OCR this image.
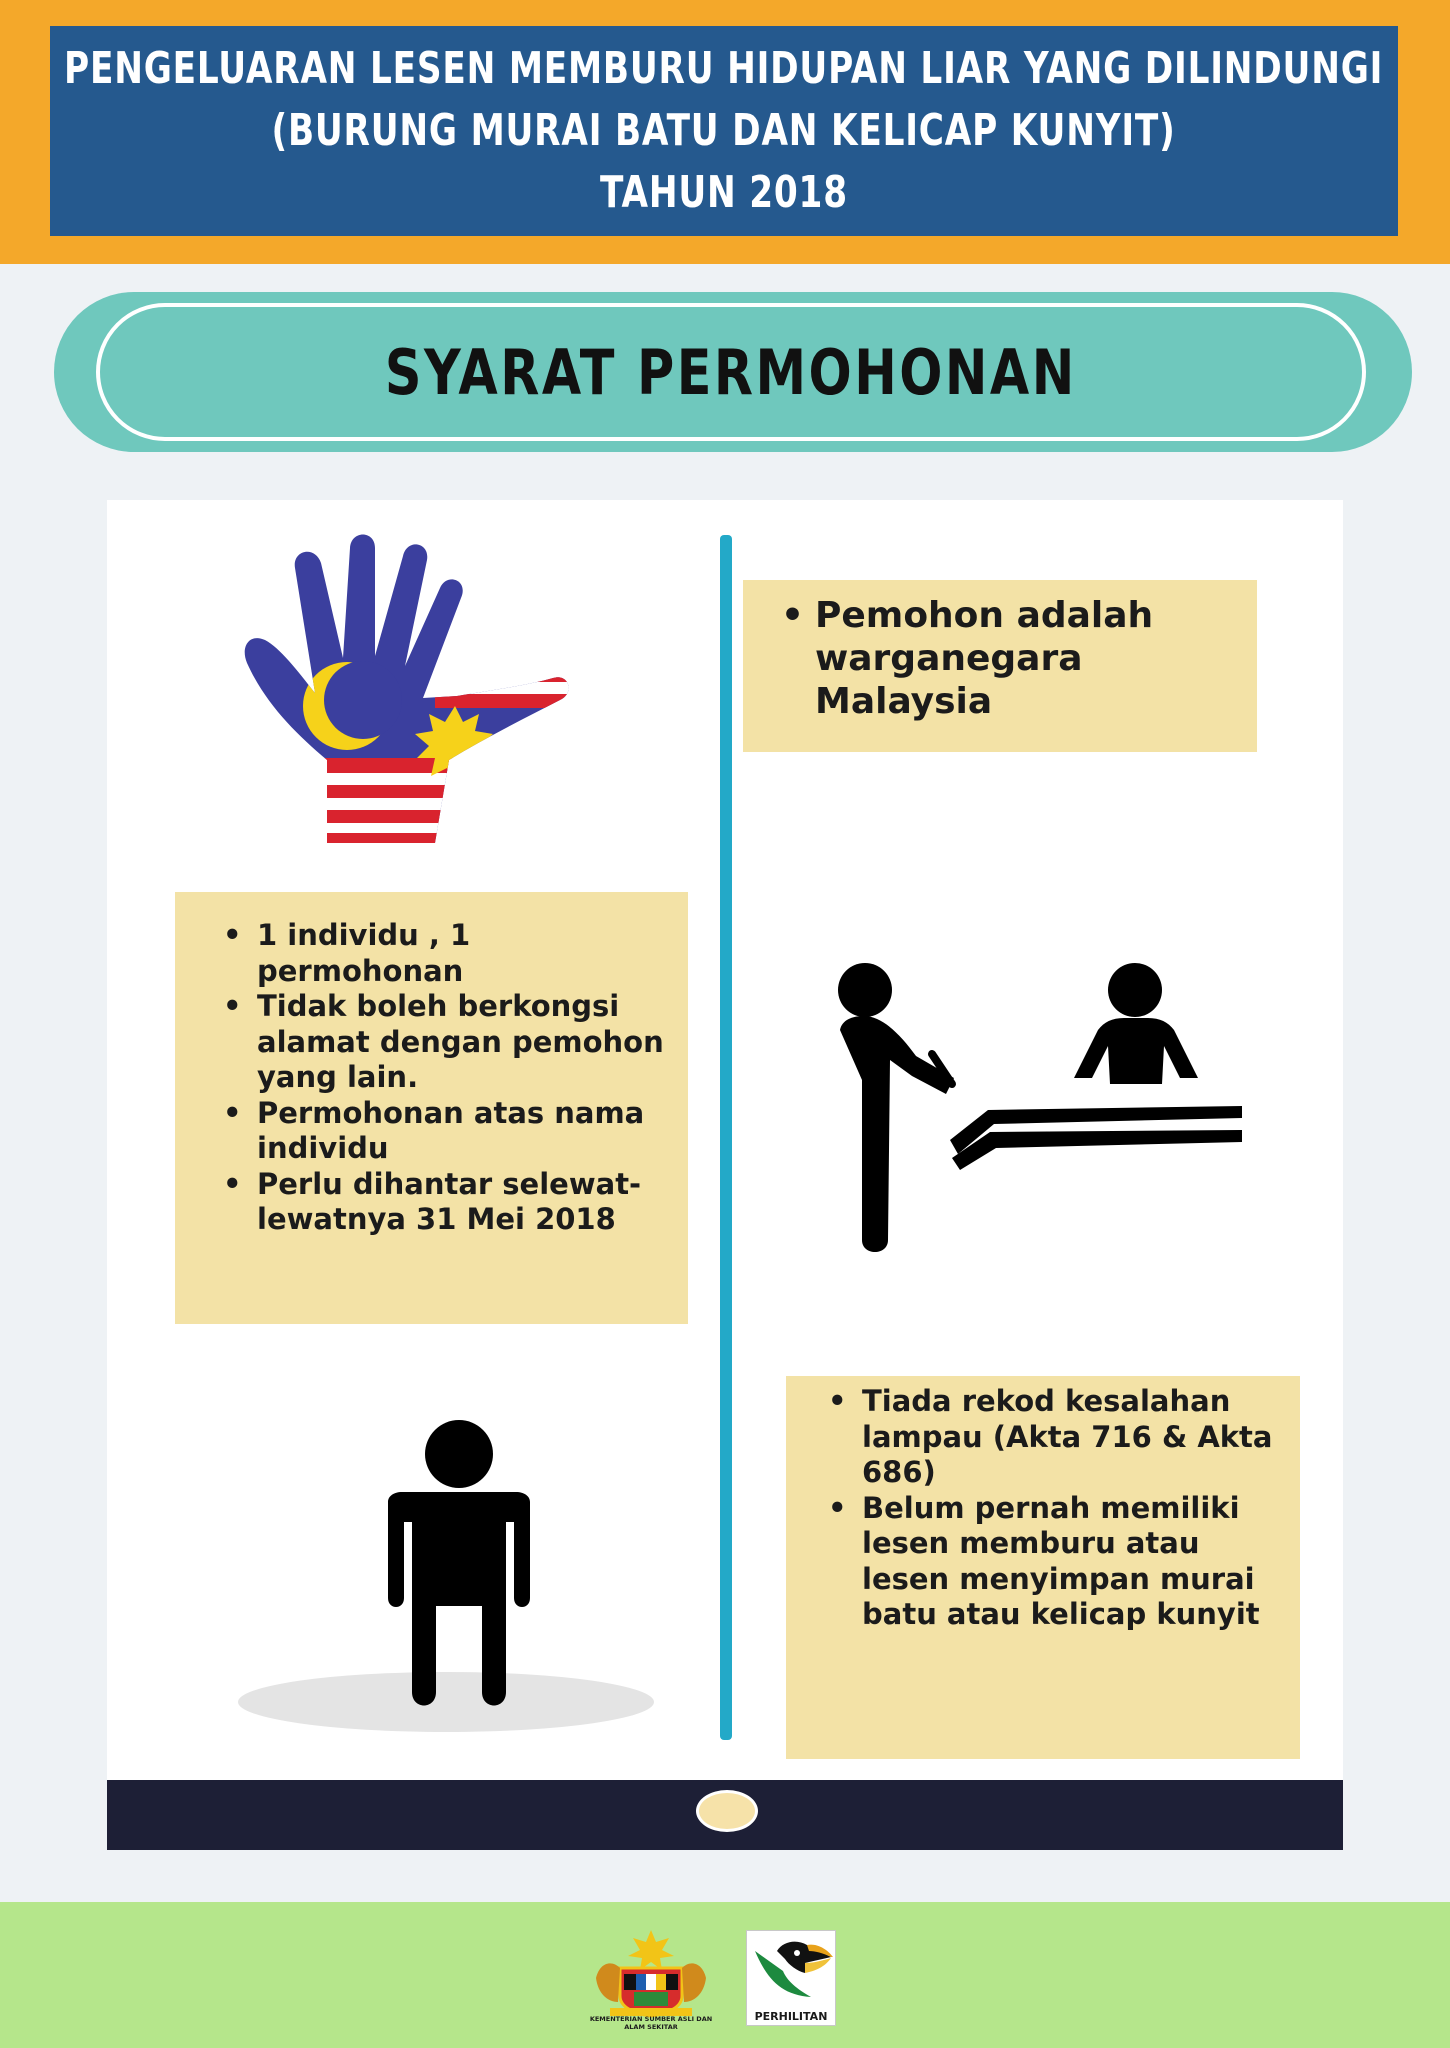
PENGELUARAN LESEN MEMBURU HIDUPAN LIAR YANG DILINDUNGI
(BURUNG MURAI BATU DAN KELICAP KUNYIT)
TAHUN 2018
SYARAT PERMOHONAN
• Pemohon adalah warganegara Malaysia
• 1 individu , 1 permohonan
• Tidak boleh berkongsi alamat dengan pemohon yang lain.
• Permohonan atas nama individu
• Perlu dihantar selewat-lewatnya 31 Mei 2018
• Tiada rekod kesalahan lampau (Akta 716 & Akta 686)
• Belum pernah memiliki lesen memburu atau lesen menyimpan murai batu atau kelicap kunyit
KEMENTERIAN SUMBER ASLI DAN ALAM SEKITAR
PERHILITAN
